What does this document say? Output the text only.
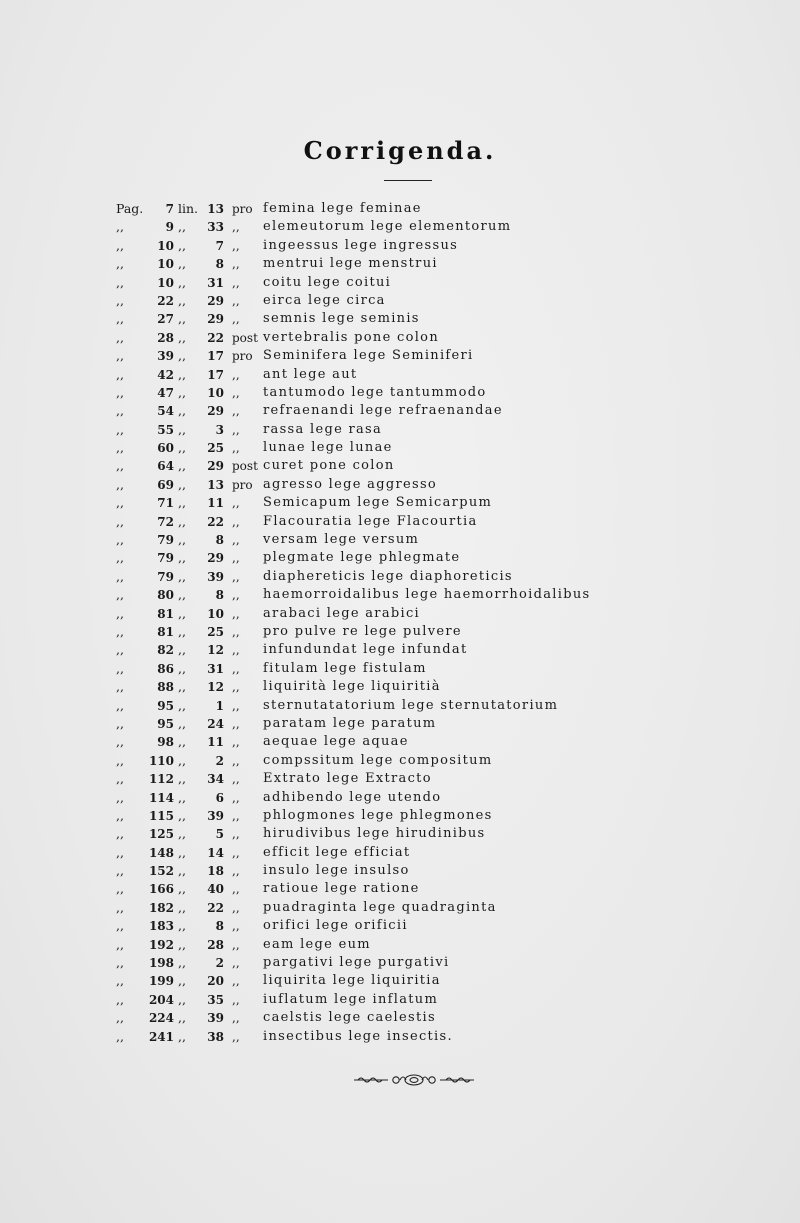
Corrigenda.
Pag.	7 lin. 13 pro femina lege feminae
,,	9 ,,	33 ,,	elemeutorum lege elementorum
,,	10 ,,	7 ,,	ingeessus lege ingressus
,,	10 ,,	8 ,,	mentrui lege menstrui
,,	10 ,,	31 ,,	coitu lege coitui
,,	22 ,,	29 ,,	eirca lege circa
,,	27 ,,	29 ,,	semnis lege seminis
,,	28 ,,	22 post vertebralis pone colon
,,	39 ,,	17 pro Seminifera lege Seminiferi
,,	42 ,,	17 ,,	ant lege aut
,,	47 ,,	10 ,,	tantumodo lege tantummodo
,,	54 ,,	29 ,,	refraenandi lege refraenandae
,,	55 ,,	3 ,,	rassa lege rasa
,,	60 ,,	25 ,,	lunae lege lunae
,,	64 ,,	29 post curet pone colon
,,	69 ,,	13 pro agresso lege aggresso
,,	71 ,,	11 ,,	Semicapum lege Semicarpum
,,	72 ,,	22 ,,	Flacouratia lege Flacourtia
,,	79 ,,	8 ,,	versam lege versum
,,	79 ,,	29 ,,	plegmate lege phlegmate
,,	79 ,,	39 ,,	diaphereticis lege diaphoreticis
,,	80 ,,	8 ,,	haemorroidalibus lege haemorrhoidalibus
,,	81 ,,	10 ,,	arabaci lege arabici
,,	81 ,,	25 ,,	pro pulve re lege pulvere
,,	82 ,,	12 ,,	infundundat lege infundat
,,	86 ,,	31 ,,	fitulam lege fistulam
,,	88 ,,	12 ,,	liquirità lege liquiritià
,,	95 ,,	1 ,,	sternutatatorium lege sternutatorium
,,	95 ,,	24 ,,	paratam lege paratum
,,	98 ,,	11 ,,	aequae lege aquae
,,	110 ,,	2 ,,	compssitum lege compositum
,,	112 ,,	34 ,,	Extrato lege Extracto
,,	114 ,,	6 ,,	adhibendo lege utendo
,,	115 ,,	39 ,,	phlogmones lege phlegmones
,,	125 ,,	5 ,,	hirudivibus lege hirudinibus
,,	148 ,,	14 ,,	efficit lege efficiat
,,	152 ,,	18 ,,	insulo lege insulso
,,	166 ,,	40 ,,	ratioue lege ratione
,,	182 ,,	22 ,,	puadraginta lege quadraginta
,,	183 ,,	8 ,,	orifici lege orificii
,,	192 ,,	28 ,,	eam lege eum
,,	198 ,,	2 ,,	pargativi lege purgativi
,,	199 ,,	20 ,,	liquirita lege liquiritia
,,	204 ,,	35 ,,	iuflatum lege inflatum
,,	224 ,,	39 ,,	caelstis lege caelestis
,,	241 ,,	38 ,,	insectibus lege insectis.
